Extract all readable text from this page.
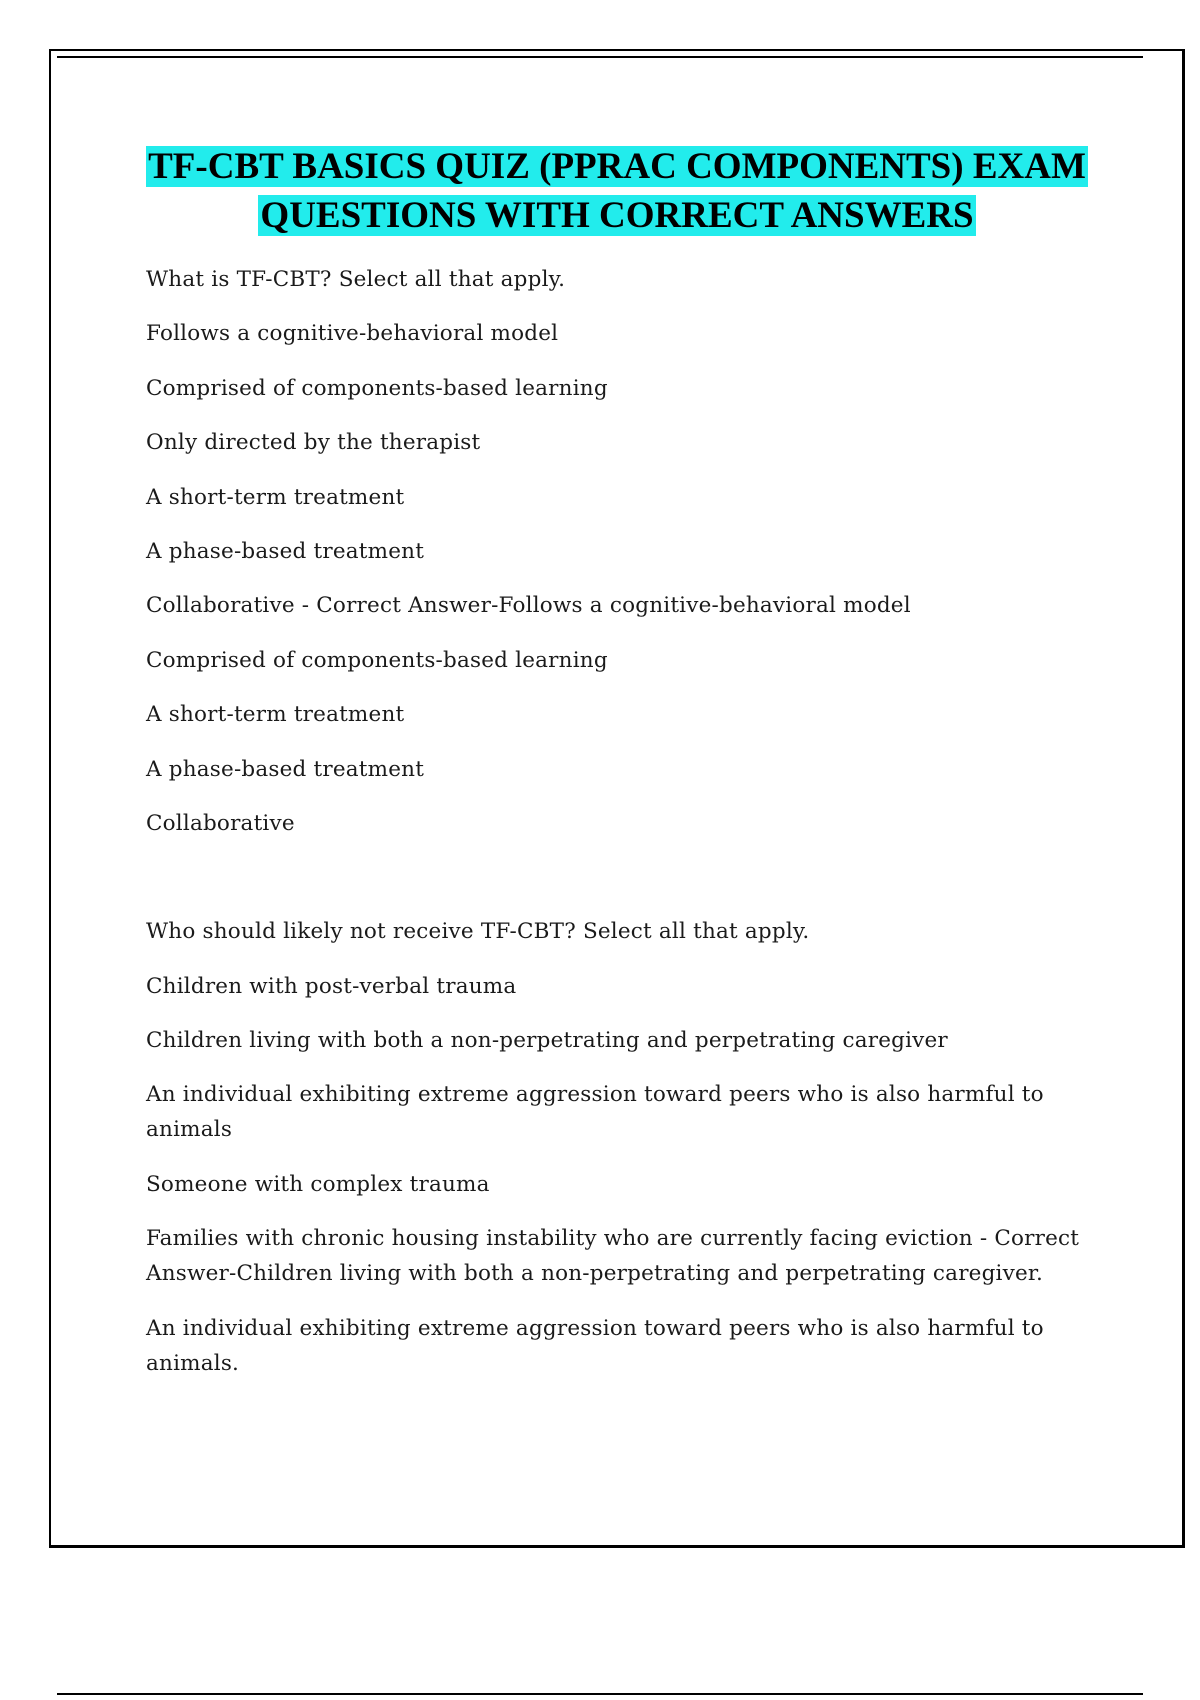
TF-CBT BASICS QUIZ (PPRAC COMPONENTS) EXAM
QUESTIONS WITH CORRECT ANSWERS

What is TF-CBT? Select all that apply.

Follows a cognitive-behavioral model

Comprised of components-based learning

Only directed by the therapist

A short-term treatment

A phase-based treatment

Collaborative - Correct Answer-Follows a cognitive-behavioral model

Comprised of components-based learning

A short-term treatment

A phase-based treatment

Collaborative

Who should likely not receive TF-CBT? Select all that apply.

Children with post-verbal trauma

Children living with both a non-perpetrating and perpetrating caregiver

An individual exhibiting extreme aggression toward peers who is also harmful to animals

Someone with complex trauma

Families with chronic housing instability who are currently facing eviction - Correct Answer-Children living with both a non-perpetrating and perpetrating caregiver.

An individual exhibiting extreme aggression toward peers who is also harmful to animals.
